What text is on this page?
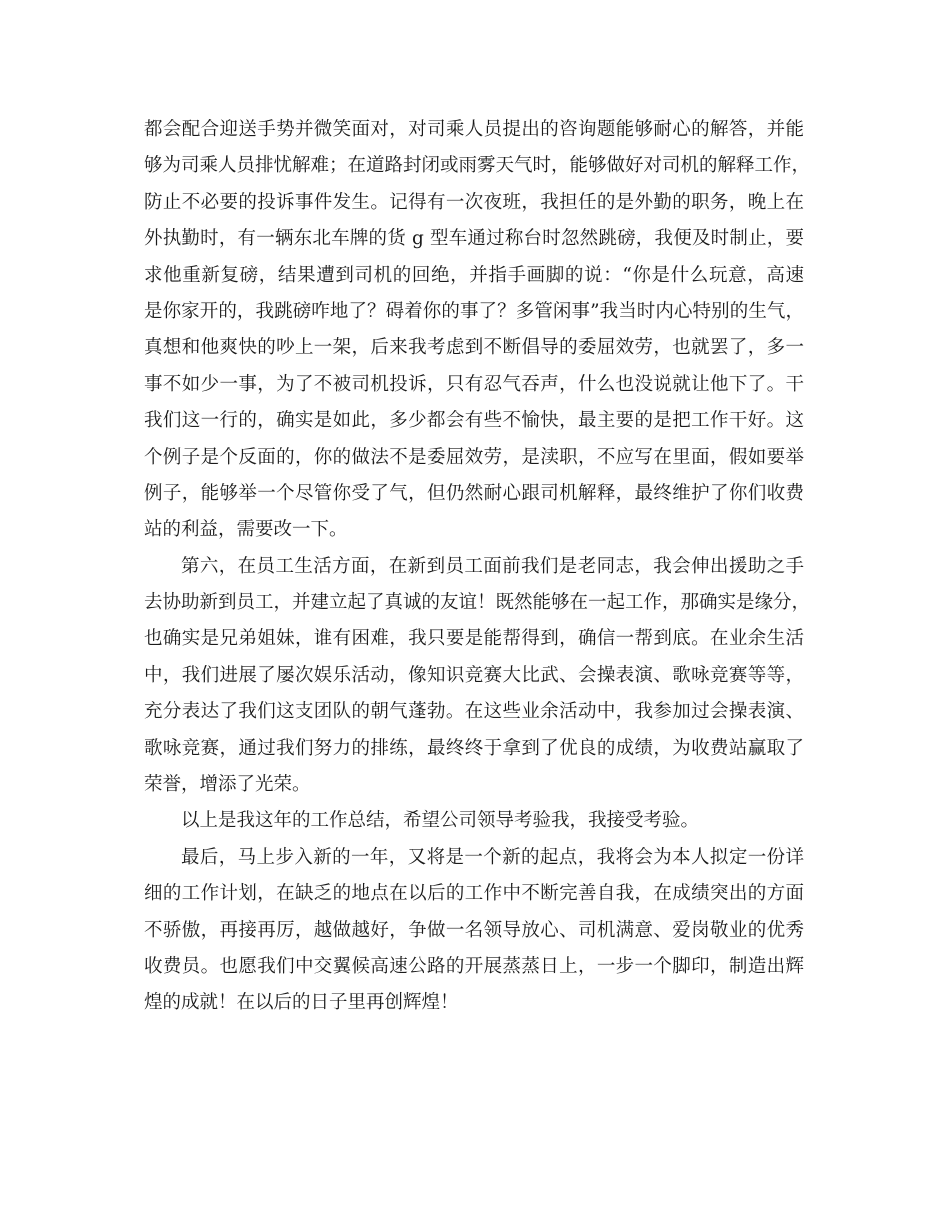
都会配合迎送手势并微笑面对，对司乘人员提出的咨询题能够耐心的解答，并能
够为司乘人员排忧解难；在道路封闭或雨雾天气时，能够做好对司机的解释工作，
防止不必要的投诉事件发生。记得有一次夜班，我担任的是外勤的职务，晚上在
外执勤时，有一辆东北车牌的货 g 型车通过称台时忽然跳磅，我便及时制止，要
求他重新复磅，结果遭到司机的回绝，并指手画脚的说：“你是什么玩意，高速
是你家开的，我跳磅咋地了？碍着你的事了？多管闲事”我当时内心特别的生气，
真想和他爽快的吵上一架，后来我考虑到不断倡导的委屈效劳，也就罢了，多一
事不如少一事，为了不被司机投诉，只有忍气吞声，什么也没说就让他下了。干
我们这一行的，确实是如此，多少都会有些不愉快，最主要的是把工作干好。这
个例子是个反面的，你的做法不是委屈效劳，是渎职，不应写在里面，假如要举
例子，能够举一个尽管你受了气，但仍然耐心跟司机解释，最终维护了你们收费
站的利益，需要改一下。
第六，在员工生活方面，在新到员工面前我们是老同志，我会伸出援助之手
去协助新到员工，并建立起了真诚的友谊！既然能够在一起工作，那确实是缘分，
也确实是兄弟姐妹，谁有困难，我只要是能帮得到，确信一帮到底。在业余生活
中，我们进展了屡次娱乐活动，像知识竞赛大比武、会操表演、歌咏竞赛等等，
充分表达了我们这支团队的朝气蓬勃。在这些业余活动中，我参加过会操表演、
歌咏竞赛，通过我们努力的排练，最终终于拿到了优良的成绩，为收费站赢取了
荣誉，增添了光荣。
以上是我这年的工作总结，希望公司领导考验我，我接受考验。
最后，马上步入新的一年，又将是一个新的起点，我将会为本人拟定一份详
细的工作计划，在缺乏的地点在以后的工作中不断完善自我，在成绩突出的方面
不骄傲，再接再厉，越做越好，争做一名领导放心、司机满意、爱岗敬业的优秀
收费员。也愿我们中交翼候高速公路的开展蒸蒸日上，一步一个脚印，制造出辉
煌的成就！在以后的日子里再创辉煌！
